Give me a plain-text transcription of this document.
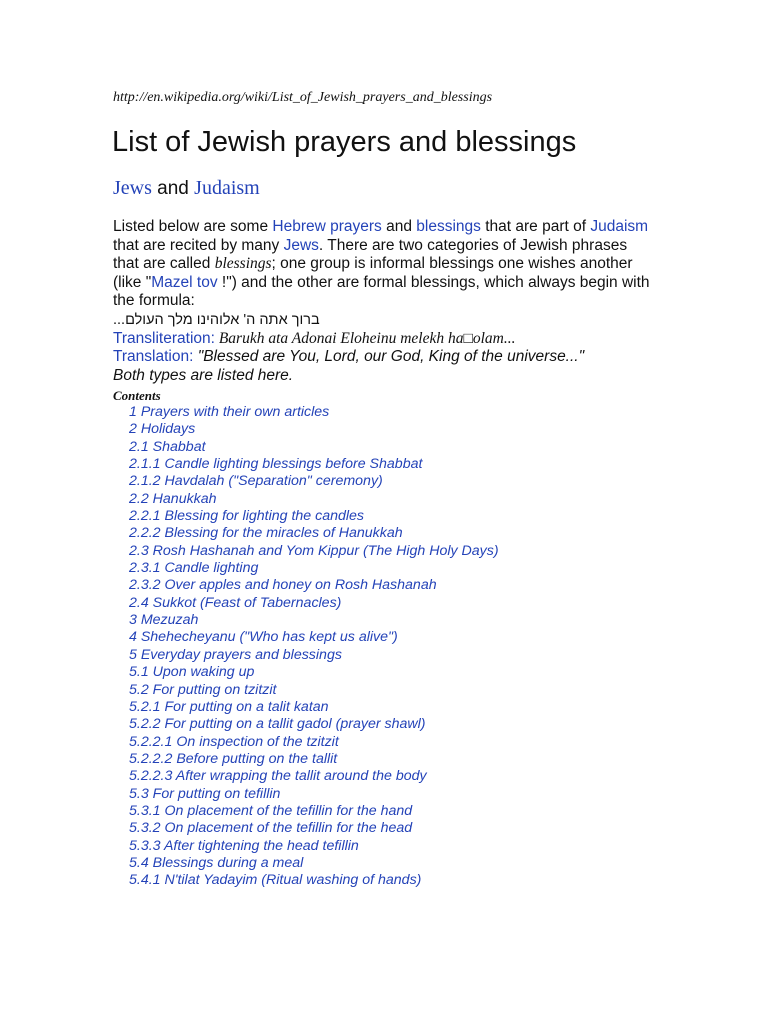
http://en.wikipedia.org/wiki/List_of_Jewish_prayers_and_blessings
List of Jewish prayers and blessings
Jews and Judaism

Listed below are some Hebrew prayers and blessings that are part of Judaism that are recited by many Jews. There are two categories of Jewish phrases that are called blessings; one group is informal blessings one wishes another (like "Mazel tov !") and the other are formal blessings, which always begin with the formula:

ברוך אתה ה' אלוהינו מלך העולם...

Transliteration: Barukh ata Adonai Eloheinu melekh ha□olam...

Translation: "Blessed are You, Lord, our God, King of the universe..."

Both types are listed here.

Contents
1 Prayers with their own articles
2 Holidays
2.1 Shabbat
2.1.1 Candle lighting blessings before Shabbat
2.1.2 Havdalah ("Separation" ceremony)
2.2 Hanukkah
2.2.1 Blessing for lighting the candles
2.2.2 Blessing for the miracles of Hanukkah
2.3 Rosh Hashanah and Yom Kippur (The High Holy Days)
2.3.1 Candle lighting
2.3.2 Over apples and honey on Rosh Hashanah
2.4 Sukkot (Feast of Tabernacles)
3 Mezuzah
4 Shehecheyanu ("Who has kept us alive")
5 Everyday prayers and blessings
5.1 Upon waking up
5.2 For putting on tzitzit
5.2.1 For putting on a talit katan
5.2.2 For putting on a tallit gadol (prayer shawl)
5.2.2.1 On inspection of the tzitzit
5.2.2.2 Before putting on the tallit
5.2.2.3 After wrapping the tallit around the body
5.3 For putting on tefillin
5.3.1 On placement of the tefillin for the hand
5.3.2 On placement of the tefillin for the head
5.3.3 After tightening the head tefillin
5.4 Blessings during a meal
5.4.1 N'tilat Yadayim (Ritual washing of hands)
